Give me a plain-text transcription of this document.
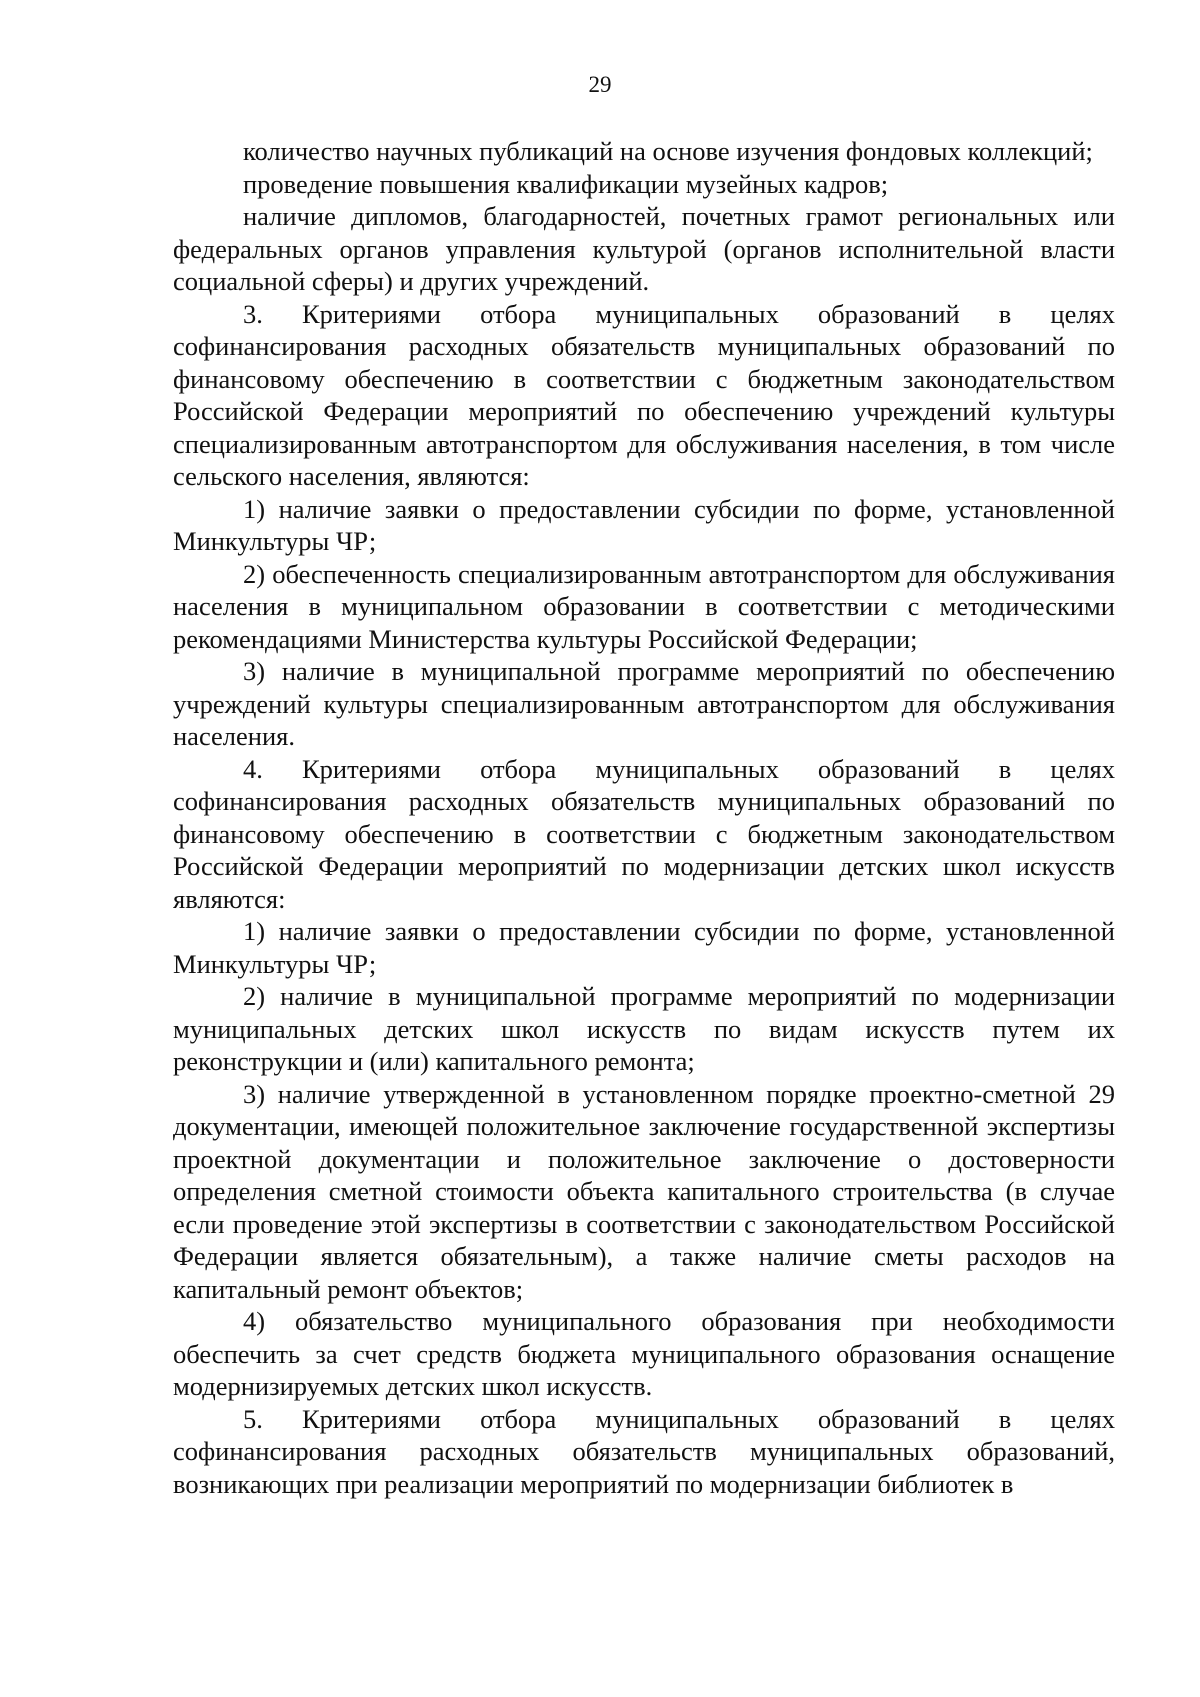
29

количество научных публикаций на основе изучения фондовых коллекций;

проведение повышения квалификации музейных кадров;

наличие дипломов, благодарностей, почетных грамот региональных или федеральных органов управления культурой (органов исполнительной власти социальной сферы) и других учреждений.

3. Критериями отбора муниципальных образований в целях софинансирования расходных обязательств муниципальных образований по финансовому обеспечению в соответствии с бюджетным законодательством Российской Федерации мероприятий по обеспечению учреждений культуры специализированным автотранспортом для обслуживания населения, в том числе сельского населения, являются:

1) наличие заявки о предоставлении субсидии по форме, установленной Минкультуры ЧР;

2) обеспеченность специализированным автотранспортом для обслуживания населения в муниципальном образовании в соответствии с методическими рекомендациями Министерства культуры Российской Федерации;

3) наличие в муниципальной программе мероприятий по обеспечению учреждений культуры специализированным автотранспортом для обслуживания населения.

4. Критериями отбора муниципальных образований в целях софинансирования расходных обязательств муниципальных образований по финансовому обеспечению в соответствии с бюджетным законодательством Российской Федерации мероприятий по модернизации детских школ искусств являются:

1) наличие заявки о предоставлении субсидии по форме, установленной Минкультуры ЧР;

2) наличие в муниципальной программе мероприятий по модернизации муниципальных детских школ искусств по видам искусств путем их реконструкции и (или) капитального ремонта;

3) наличие утвержденной в установленном порядке проектно-сметной 29 документации, имеющей положительное заключение государственной экспертизы проектной документации и положительное заключение о достоверности определения сметной стоимости объекта капитального строительства (в случае если проведение этой экспертизы в соответствии с законодательством Российской Федерации является обязательным), а также наличие сметы расходов на капитальный ремонт объектов;

4) обязательство муниципального образования при необходимости обеспечить за счет средств бюджета муниципального образования оснащение модернизируемых детских школ искусств.

5. Критериями отбора муниципальных образований в целях софинансирования расходных обязательств муниципальных образований, возникающих при реализации мероприятий по модернизации библиотек в
